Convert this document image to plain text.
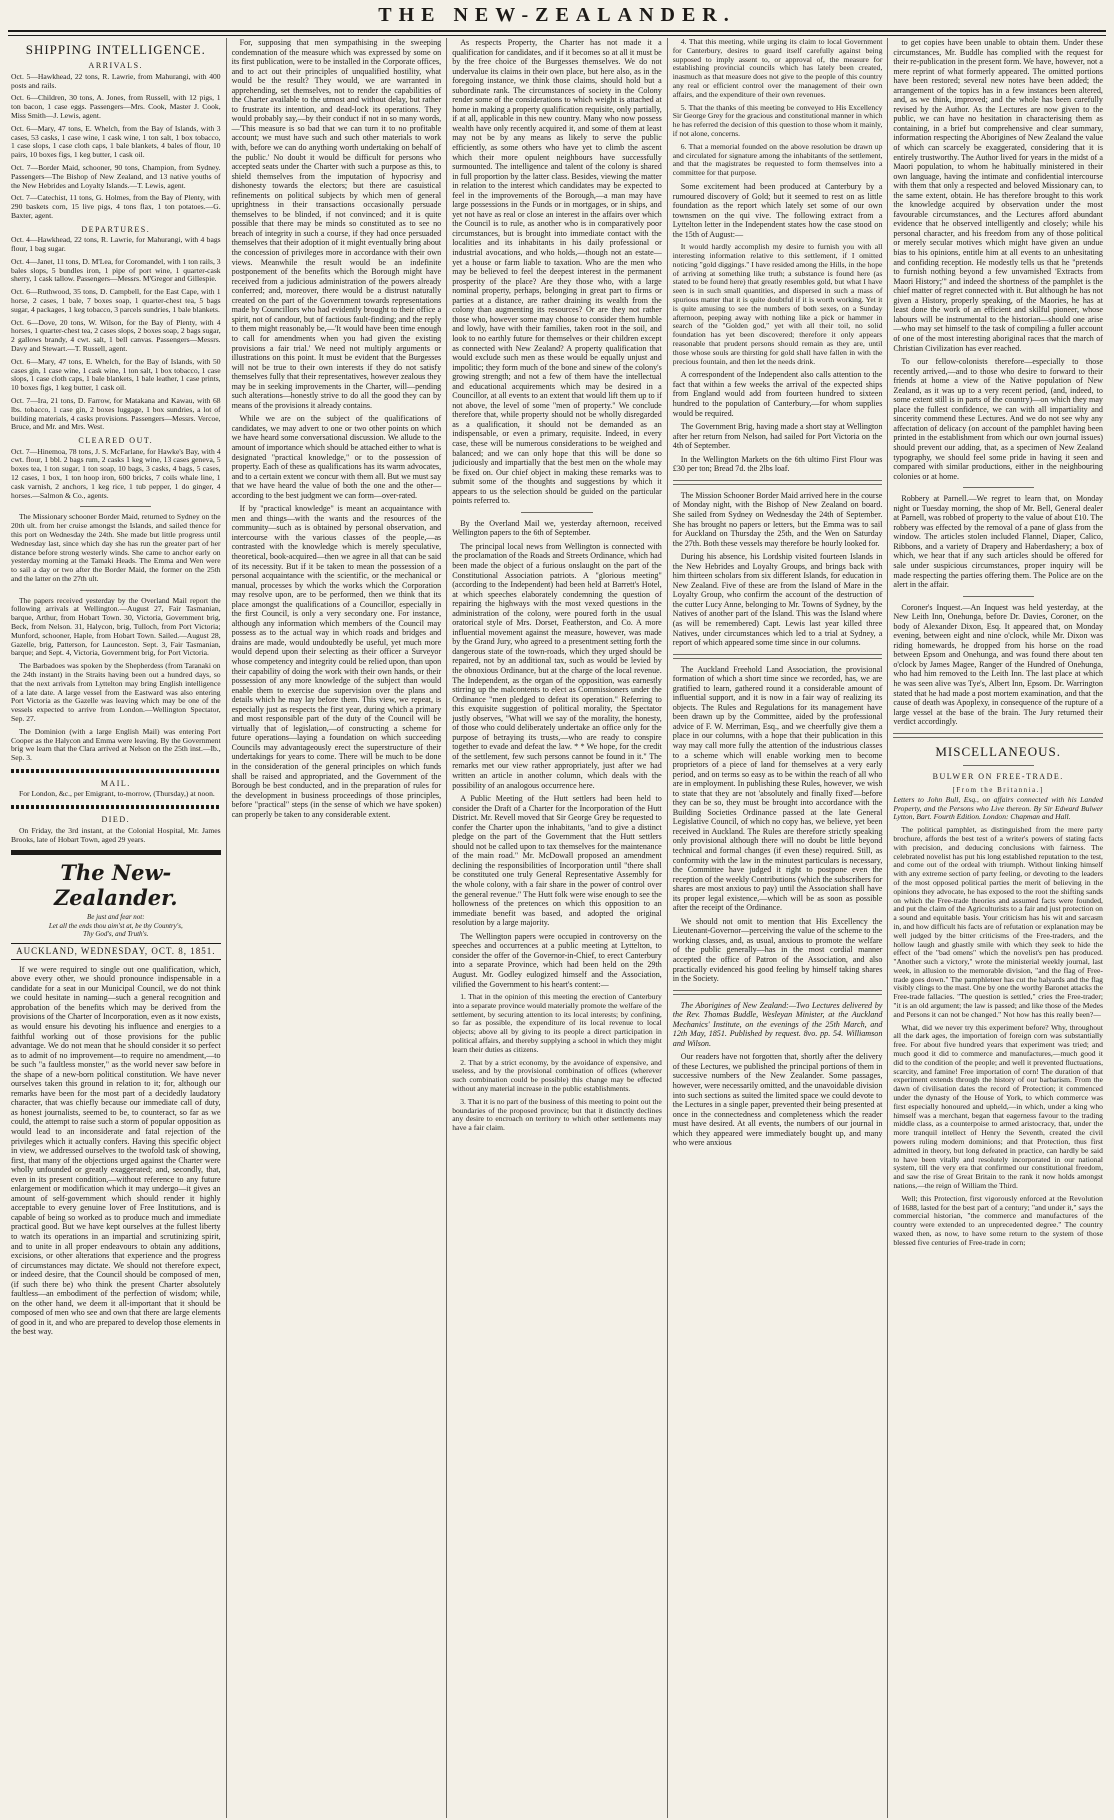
THE NEW-ZEALANDER.
SHIPPING INTELLIGENCE.
ARRIVALS.

Oct. 5—Hawkhead, 22 tons, R. Lawrie, from Mahurangi, with 400 posts and rails.

Oct. 6—Children, 30 tons, A. Jones, from Russell, with 12 pigs, 1 ton bacon, 1 case eggs. Passengers—Mrs. Cook, Master J. Cook, Miss Smith—J. Lewis, agent.

Oct. 6—Mary, 47 tons, E. Whelch, from the Bay of Islands, with 3 cases, 53 casks, 1 case wine, 1 cask wine, 1 ton salt, 1 box tobacco, 1 case slops, 1 case cloth caps, 1 bale blankets, 4 bales of flour, 10 pairs, 10 boxes figs, 1 keg butter, 1 cask oil.

Oct. 7—Border Maid, schooner, 90 tons, Champion, from Sydney. Passengers—The Bishop of New Zealand, and 13 native youths of the New Hebrides and Loyalty Islands.—T. Lewis, agent.

Oct. 7—Catechist, 11 tons, G. Holmes, from the Bay of Plenty, with 290 baskets corn, 15 live pigs, 4 tons flax, 1 ton potatoes.—G. Baxter, agent.

DEPARTURES.

Oct. 4—Hawkhead, 22 tons, R. Lawrie, for Mahurangi, with 4 bags flour, 1 bag sugar.

Oct. 4—Janet, 11 tons, D. M'Lea, for Coromandel, with 1 ton rails, 3 bales slops, 5 bundles iron, 1 pipe of port wine, 1 quarter-cask sherry, 1 cask tallow. Passengers—Messrs. M'Gregor and Gillespie.

Oct. 6—Ruthwood, 35 tons, D. Campbell, for the East Cape, with 1 horse, 2 cases, 1 bale, 7 boxes soap, 1 quarter-chest tea, 5 bags sugar, 4 packages, 1 keg tobacco, 3 parcels sundries, 1 bale blankets.

Oct. 6—Dove, 20 tons, W. Wilson, for the Bay of Plenty, with 4 horses, 1 quarter-chest tea, 2 cases slops, 2 boxes soap, 2 bags sugar, 2 gallows brandy, 4 cwt. salt, 1 bell canvas. Passengers—Messrs. Davy and Stewart.—T. Russell, agent.

Oct. 6—Mary, 47 tons, E. Whelch, for the Bay of Islands, with 50 cases gin, 1 case wine, 1 cask wine, 1 ton salt, 1 box tobacco, 1 case slops, 1 case cloth caps, 1 bale blankets, 1 bale leather, 1 case prints, 10 boxes figs, 1 keg butter, 1 cask oil.

Oct. 7—Ira, 21 tons, D. Farrow, for Matakana and Kawau, with 68 lbs. tobacco, 1 case gin, 2 boxes luggage, 1 box sundries, a lot of building materials, 4 casks provisions. Passengers—Messrs. Vercoe, Bruce, and Mr. and Mrs. West.

CLEARED OUT.

Oct. 7—Hinemoa, 78 tons, J. S. McFarlane, for Hawke's Bay, with 4 cwt. flour, 1 bbl. 2 bags rum, 2 casks 1 keg wine, 13 cases geneva, 5 boxes tea, 1 ton sugar, 1 ton soap, 10 bags, 3 casks, 4 bags, 5 cases, 12 cases, 1 box, 1 ton hoop iron, 600 bricks, 7 coils whale line, 1 cask varnish, 2 anchors, 1 keg rice, 1 tub pepper, 1 do ginger, 4 horses.—Salmon & Co., agents.

The Missionary schooner Border Maid, returned to Sydney on the 20th ult. from her cruise amongst the Islands, and sailed thence for this port on Wednesday the 24th. She made but little progress until Wednesday last, since which day she has run the greater part of her distance before strong westerly winds. She came to anchor early on yesterday morning at the Tamaki Heads. The Emma and Wen were to sail a day or two after the Border Maid, the former on the 25th and the latter on the 27th ult.

The papers received yesterday by the Overland Mail report the following arrivals at Wellington.—August 27, Fair Tasmanian, barque, Arthur, from Hobart Town. 30, Victoria, Government brig, Beck, from Nelson. 31, Halycon, brig, Tulloch, from Port Victoria; Munford, schooner, Haple, from Hobart Town. Sailed.—August 28, Gazelle, brig, Patterson, for Launceston. Sept. 3, Fair Tasmanian, barque; and Sept. 4, Victoria, Government brig, for Port Victoria.

The Barbadoes was spoken by the Shepherdess (from Taranaki on the 24th instant) in the Straits having been out a hundred days, so that the next arrivals from Lyttelton may bring English intelligence of a late date. A large vessel from the Eastward was also entering Port Victoria as the Gazelle was leaving which may be one of the vessels expected to arrive from London.—Wellington Spectator, Sep. 27.

The Dominion (with a large English Mail) was entering Port Cooper as the Halycon and Emma were leaving. By the Government brig we learn that the Clara arrived at Nelson on the 25th inst.—Ib., Sep. 3.

MAIL.

For London, &c., per Emigrant, to-morrow, (Thursday,) at noon.

DIED.

On Friday, the 3rd instant, at the Colonial Hospital, Mr. James Brooks, late of Hobart Town, aged 29 years.

The New-Zealander.
Be just and fear not:
Let all the ends thou aim'st at, be thy Country's,
Thy God's, and Truth's.
AUCKLAND, WEDNESDAY, OCT. 8, 1851.

If we were required to single out one qualification, which, above every other, we should pronounce indispensable in a candidate for a seat in our Municipal Council, we do not think we could hesitate in naming—such a general recognition and approbation of the benefits which may be derived from the provisions of the Charter of Incorporation, even as it now exists, as would ensure his devoting his influence and energies to a faithful working out of those provisions for the public advantage. We do not mean that he should consider it so perfect as to admit of no improvement—to require no amendment,—to be such "a faultless monster," as the world never saw before in the shape of a new-born political constitution. We have never ourselves taken this ground in relation to it; for, although our remarks have been for the most part of a decidedly laudatory character, that was chiefly because our immediate call of duty, as honest journalists, seemed to be, to counteract, so far as we could, the attempt to raise such a storm of popular opposition as would lead to an inconsiderate and fatal rejection of the privileges which it actually confers. Having this specific object in view, we addressed ourselves to the twofold task of showing, first, that many of the objections urged against the Charter were wholly unfounded or greatly exaggerated; and, secondly, that, even in its present condition,—without reference to any future enlargement or modification which it may undergo—it gives an amount of self-government which should render it highly acceptable to every genuine lover of Free Institutions, and is capable of being so worked as to produce much and immediate practical good. But we have kept ourselves at the fullest liberty to watch its operations in an impartial and scrutinizing spirit, and to unite in all proper endeavours to obtain any additions, excisions, or other alterations that experience and the progress of circumstances may dictate. We should not therefore expect, or indeed desire, that the Council should be composed of men, (if such there be) who think the present Charter absolutely faultless—an embodiment of the perfection of wisdom; while, on the other hand, we deem it all-important that it should be composed of men who see and own that there are large elements of good in it, and who are prepared to develop those elements in the best way.

For, supposing that men sympathising in the sweeping condemnation of the measure which was expressed by some on its first publication, were to be installed in the Corporate offices, and to act out their principles of unqualified hostility, what would be the result? They would, we are warranted in apprehending, set themselves, not to render the capabilities of the Charter available to the utmost and without delay, but rather to frustrate its intention, and dead-lock its operations. They would probably say,—by their conduct if not in so many words,—'This measure is so bad that we can turn it to no profitable account; we must have such and such other materials to work with, before we can do anything worth undertaking on behalf of the public.' No doubt it would be difficult for persons who accepted seats under the Charter with such a purpose as this, to shield themselves from the imputation of hypocrisy and dishonesty towards the electors; but there are casuistical refinements on political subjects by which men of general uprightness in their transactions occasionally persuade themselves to be blinded, if not convinced; and it is quite possible that there may be minds so constituted as to see no breach of integrity in such a course, if they had once persuaded themselves that their adoption of it might eventually bring about the concession of privileges more in accordance with their own views. Meanwhile the result would be an indefinite postponement of the benefits which the Borough might have received from a judicious administration of the powers already conferred; and, moreover, there would be a distrust naturally created on the part of the Government towards representations made by Councillors who had evidently brought to their office a spirit, not of candour, but of factious fault-finding; and the reply to them might reasonably be,—'It would have been time enough to call for amendments when you had given the existing provisions a fair trial.' We need not multiply arguments or illustrations on this point. It must be evident that the Burgesses will not be true to their own interests if they do not satisfy themselves fully that their representatives, however zealous they may be in seeking improvements in the Charter, will—pending such alterations—honestly strive to do all the good they can by means of the provisions it already contains.

While we are on the subject of the qualifications of candidates, we may advert to one or two other points on which we have heard some conversational discussion. We allude to the amount of importance which should be attached either to what is designated "practical knowledge," or to the possession of property. Each of these as qualifications has its warm advocates, and to a certain extent we concur with them all. But we must say that we have heard the value of both the one and the other—according to the best judgment we can form—over-rated.

If by "practical knowledge" is meant an acquaintance with men and things—with the wants and the resources of the community—such as is obtained by personal observation, and intercourse with the various classes of the people,—as contrasted with the knowledge which is merely speculative, theoretical, book-acquired—then we agree in all that can be said of its necessity. But if it be taken to mean the possession of a personal acquaintance with the scientific, or the mechanical or manual, processes by which the works which the Corporation may resolve upon, are to be performed, then we think that its place amongst the qualifications of a Councillor, especially in the first Council, is only a very secondary one. For instance, although any information which members of the Council may possess as to the actual way in which roads and bridges and drains are made, would undoubtedly be useful, yet much more would depend upon their selecting as their officer a Surveyor whose competency and integrity could be relied upon, than upon their capability of doing the work with their own hands, or their possession of any more knowledge of the subject than would enable them to exercise due supervision over the plans and details which he may lay before them. This view, we repeat, is especially just as respects the first year, during which a primary and most responsible part of the duty of the Council will be virtually that of legislation,—of constructing a scheme for future operations—laying a foundation on which succeeding Councils may advantageously erect the superstructure of their undertakings for years to come. There will be much to be done in the consideration of the general principles on which funds shall be raised and appropriated, and the Government of the Borough be best conducted, and in the preparation of rules for the development in business proceedings of those principles, before "practical" steps (in the sense of which we have spoken) can properly be taken to any considerable extent.

As respects Property, the Charter has not made it a qualification for candidates, and if it becomes so at all it must be by the free choice of the Burgesses themselves. We do not undervalue its claims in their own place, but here also, as in the foregoing instance, we think those claims, should hold but a subordinate rank. The circumstances of society in the Colony render some of the considerations to which weight is attached at home in making a property qualification requisite, only partially, if at all, applicable in this new country. Many who now possess wealth have only recently acquired it, and some of them at least may not be by any means as likely to serve the public efficiently, as some others who have yet to climb the ascent which their more opulent neighbours have successfully surmounted. The intelligence and talent of the colony is shared in full proportion by the latter class. Besides, viewing the matter in relation to the interest which candidates may be expected to feel in the improvements of the Borough,—a man may have large possessions in the Funds or in mortgages, or in ships, and yet not have as real or close an interest in the affairs over which the Council is to rule, as another who is in comparatively poor circumstances, but is brought into immediate contact with the localities and its inhabitants in his daily professional or industrial avocations, and who holds,—though not an estate—yet a house or farm liable to taxation. Who are the men who may be believed to feel the deepest interest in the permanent prosperity of the place? Are they those who, with a large nominal property, perhaps, belonging in great part to firms or parties at a distance, are rather draining its wealth from the colony than augmenting its resources? Or are they not rather those who, however some may choose to consider them humble and lowly, have with their families, taken root in the soil, and look to no earthly future for themselves or their children except as connected with New Zealand? A property qualification that would exclude such men as these would be equally unjust and impolitic; they form much of the bone and sinew of the colony's growing strength; and not a few of them have the intellectual and educational acquirements which may be desired in a Councillor, at all events to an extent that would lift them up to if not above, the level of some "men of property." We conclude therefore that, while property should not be wholly disregarded as a qualification, it should not be demanded as an indispensable, or even a primary, requisite. Indeed, in every case, these will be numerous considerations to be weighed and balanced; and we can only hope that this will be done so judiciously and impartially that the best men on the whole may be fixed on. Our chief object in making these remarks was to submit some of the thoughts and suggestions by which it appears to us the selection should be guided on the particular points referred to.

By the Overland Mail we, yesterday afternoon, received Wellington papers to the 6th of September.

The principal local news from Wellington is connected with the proclamation of the Roads and Streets Ordinance, which had been made the object of a furious onslaught on the part of the Constitutional Association patriots. A "glorious meeting" (according to the Independent) had been held at Barrett's Hotel, at which speeches elaborately condemning the question of repairing the highways with the most vexed questions in the administration of the colony, were poured forth in the usual oratorical style of Mrs. Dorset, Featherston, and Co. A more influential movement against the measure, however, was made by the Grand Jury, who agreed to a presentment setting forth the dangerous state of the town-roads, which they urged should be repaired, not by an additional tax, such as would be levied by the obnoxious Ordinance, but at the charge of the local revenue. The Independent, as the organ of the opposition, was earnestly stirring up the malcontents to elect as Commissioners under the Ordinance "men pledged to defeat its operation." Referring to this exquisite suggestion of political morality, the Spectator justly observes, "What will we say of the morality, the honesty, of those who could deliberately undertake an office only for the purpose of betraying its trusts,—who are ready to conspire together to evade and defeat the law. * * We hope, for the credit of the settlement, few such persons cannot be found in it." The remarks met our view rather appropriately, just after we had written an article in another column, which deals with the possibility of an analogous occurrence here.

A Public Meeting of the Hutt settlers had been held to consider the Draft of a Charter for the Incorporation of the Hutt District. Mr. Revell moved that Sir George Grey be requested to confer the Charter upon the inhabitants, "and to give a distinct pledge on the part of the Government that the Hutt settlers should not be called upon to tax themselves for the maintenance of the main road." Mr. McDowall proposed an amendment declining the responsibilities of Incorporation until "there shall be constituted one truly General Representative Assembly for the whole colony, with a fair share in the power of control over the general revenue." The Hutt folk were wise enough to see the hollowness of the pretences on which this opposition to an immediate benefit was based, and adopted the original resolution by a large majority.

The Wellington papers were occupied in controversy on the speeches and occurrences at a public meeting at Lyttelton, to consider the offer of the Governor-in-Chief, to erect Canterbury into a separate Province, which had been held on the 29th August. Mr. Godley eulogized himself and the Association, vilified the Government to his heart's content:—

1. That in the opinion of this meeting the erection of Canterbury into a separate province would materially promote the welfare of the settlement, by securing attention to its local interests; by confining, so far as possible, the expenditure of its local revenue to local objects; above all by giving to its people a direct participation in political affairs, and thereby supplying a school in which they might learn their duties as citizens.

2. That by a strict economy, by the avoidance of expensive, and useless, and by the provisional combination of offices (wherever such combination could be possible) this change may be effected without any material increase in the public establishments.

3. That it is no part of the business of this meeting to point out the boundaries of the proposed province; but that it distinctly declines any desire to encroach on territory to which other settlements may have a fair claim.

4. That this meeting, while urging its claim to local Government for Canterbury, desires to guard itself carefully against being supposed to imply assent to, or approval of, the measure for establishing provincial councils which has lately been created, inasmuch as that measure does not give to the people of this country any real or efficient control over the management of their own affairs, and the expenditure of their own revenues.

5. That the thanks of this meeting be conveyed to His Excellency Sir George Grey for the gracious and constitutional manner in which he has referred the decision of this question to those whom it mainly, if not alone, concerns.

6. That a memorial founded on the above resolution be drawn up and circulated for signature among the inhabitants of the settlement, and that the magistrates be requested to form themselves into a committee for that purpose.

Some excitement had been produced at Canterbury by a rumoured discovery of Gold; but it seemed to rest on as little foundation as the report which lately set some of our own townsmen on the qui vive. The following extract from a Lyttelton letter in the Independent states how the case stood on the 15th of August:—

It would hardly accomplish my desire to furnish you with all interesting information relative to this settlement, if I omitted noticing "gold diggings." I have resided among the Hills, in the hope of arriving at something like truth; a substance is found here (as stated to be found here) that greatly resembles gold, but what I have seen is in such small quantities, and dispersed in such a mass of spurious matter that it is quite doubtful if it is worth working. Yet it is quite amusing to see the numbers of both sexes, on a Sunday afternoon, peeping away with nothing like a pick or hammer in search of the "Golden god," yet with all their toil, no solid foundation has yet been discovered; therefore it only appears reasonable that prudent persons should remain as they are, until those whose souls are thirsting for gold shall have fallen in with the precious fountain, and then let the needs drink.

A correspondent of the Independent also calls attention to the fact that within a few weeks the arrival of the expected ships from England would add from fourteen hundred to sixteen hundred to the population of Canterbury,—for whom supplies would be required.

The Government Brig, having made a short stay at Wellington after her return from Nelson, had sailed for Port Victoria on the 4th of September.

In the Wellington Markets on the 6th ultimo First Flour was £30 per ton; Bread 7d. the 2lbs loaf.

The Mission Schooner Border Maid arrived here in the course of Monday night, with the Bishop of New Zealand on board. She sailed from Sydney on Wednesday the 24th of September. She has brought no papers or letters, but the Emma was to sail for Auckland on Thursday the 25th, and the Wen on Saturday the 27th. Both these vessels may therefore be hourly looked for.

During his absence, his Lordship visited fourteen Islands in the New Hebrides and Loyalty Groups, and brings back with him thirteen scholars from six different Islands, for education in New Zealand. Five of these are from the Island of Mare in the Loyalty Group, who confirm the account of the destruction of the cutter Lucy Anne, belonging to Mr. Towns of Sydney, by the Natives of another part of the Island. This was the Island where (as will be remembered) Capt. Lewis last year killed three Natives, under circumstances which led to a trial at Sydney, a report of which appeared some time since in our columns.

The Auckland Freehold Land Association, the provisional formation of which a short time since we recorded, has, we are gratified to learn, gathered round it a considerable amount of influential support, and it is now in a fair way of realizing its objects. The Rules and Regulations for its management have been drawn up by the Committee, aided by the professional advice of F. W. Merriman, Esq., and we cheerfully give them a place in our columns, with a hope that their publication in this way may call more fully the attention of the industrious classes to a scheme which will enable working men to become proprietors of a piece of land for themselves at a very early period, and on terms so easy as to be within the reach of all who are in employment. In publishing these Rules, however, we wish to state that they are not 'absolutely and finally fixed'—before they can be so, they must be brought into accordance with the Building Societies Ordinance passed at the late General Legislative Council, of which no copy has, we believe, yet been received in Auckland. The Rules are therefore strictly speaking only provisional although there will no doubt be little beyond technical and formal changes (if even these) required. Still, as conformity with the law in the minutest particulars is necessary, the Committee have judged it right to postpone even the reception of the weekly Contributions (which the subscribers for shares are most anxious to pay) until the Association shall have its proper legal existence,—which will be as soon as possible after the receipt of the Ordinance.

We should not omit to mention that His Excellency the Lieutenant-Governor—perceiving the value of the scheme to the working classes, and, as usual, anxious to promote the welfare of the public generally—has in the most cordial manner accepted the office of Patron of the Association, and also practically evidenced his good feeling by himself taking shares in the Society.

The Aborigines of New Zealand:—Two Lectures delivered by the Rev. Thomas Buddle, Wesleyan Minister, at the Auckland Mechanics' Institute, on the evenings of the 25th March, and 12th May, 1851. Published by request. 8vo. pp. 54. Williamson and Wilson.

Our readers have not forgotten that, shortly after the delivery of these Lectures, we published the principal portions of them in successive numbers of the New Zealander. Some passages, however, were necessarily omitted, and the unavoidable division into such sections as suited the limited space we could devote to the Lectures in a single paper, prevented their being presented at once in the connectedness and completeness which the reader must have desired. At all events, the numbers of our journal in which they appeared were immediately bought up, and many who were anxious

to get copies have been unable to obtain them. Under these circumstances, Mr. Buddle has complied with the request for their re-publication in the present form. We have, however, not a mere reprint of what formerly appeared. The omitted portions have been restored; several new notes have been added; the arrangement of the topics has in a few instances been altered, and, as we think, improved; and the whole has been carefully revised by the Author. As the Lectures are now given to the public, we can have no hesitation in characterising them as containing, in a brief but comprehensive and clear summary, information respecting the Aborigines of New Zealand the value of which can scarcely be exaggerated, considering that it is entirely trustworthy. The Author lived for years in the midst of a Maori population, to whom he habitually ministered in their own language, having the intimate and confidential intercourse with them that only a respected and beloved Missionary can, to the same extent, obtain. He has therefore brought to this work the knowledge acquired by observation under the most favourable circumstances, and the Lectures afford abundant evidence that he observed intelligently and closely; while his personal character, and his freedom from any of those political or merely secular motives which might have given an undue bias to his opinions, entitle him at all events to an unhesitating and confiding reception. He modestly tells us that he "pretends to furnish nothing beyond a few unvarnished 'Extracts from Maori History;'" and indeed the shortness of the pamphlet is the chief matter of regret connected with it. But although he has not given a History, properly speaking, of the Maories, he has at least done the work of an efficient and skilful pioneer, whose labours will be instrumental to the historian—should one arise—who may set himself to the task of compiling a fuller account of one of the most interesting aboriginal races that the march of Christian Civilization has ever reached.

To our fellow-colonists therefore—especially to those recently arrived,—and to those who desire to forward to their friends at home a view of the Native population of New Zealand, as it was up to a very recent period, (and, indeed, to some extent still is in parts of the country)—on which they may place the fullest confidence, we can with all impartiality and sincerity commend these Lectures. And we do not see why any affectation of delicacy (on account of the pamphlet having been printed in the establishment from which our own journal issues) should prevent our adding, that, as a specimen of New Zealand typography, we should feel some pride in having it seen and compared with similar productions, either in the neighbouring colonies or at home.

Robbery at Parnell.—We regret to learn that, on Monday night or Tuesday morning, the shop of Mr. Bell, General dealer at Parnell, was robbed of property to the value of about £10. The robbery was effected by the removal of a pane of glass from the window. The articles stolen included Flannel, Diaper, Calico, Ribbons, and a variety of Drapery and Haberdashery; a box of which, we hear that if any such articles should be offered for sale under suspicious circumstances, proper inquiry will be made respecting the parties offering them. The Police are on the alert in the affair.

Coroner's Inquest.—An Inquest was held yesterday, at the New Leith Inn, Onehunga, before Dr. Davies, Coroner, on the body of Alexander Dixon, Esq. It appeared that, on Monday evening, between eight and nine o'clock, while Mr. Dixon was riding homewards, he dropped from his horse on the road between Epsom and Onehunga, and was found there about ten o'clock by James Magee, Ranger of the Hundred of Onehunga, who had him removed to the Leith Inn. The last place at which he was seen alive was Tye's, Albert Inn, Epsom. Dr. Warrington stated that he had made a post mortem examination, and that the cause of death was Apoplexy, in consequence of the rupture of a large vessel at the base of the brain. The Jury returned their verdict accordingly.

MISCELLANEOUS.
BULWER ON FREE-TRADE.
[From the Britannia.]

Letters to John Bull, Esq., on affairs connected with his Landed Property, and the Persons who Live thereon. By Sir Edward Bulwer Lytton, Bart. Fourth Edition. London: Chapman and Hall.

The political pamphlet, as distinguished from the mere party brochure, affords the best test of a writer's powers of stating facts with precision, and deducing conclusions with fairness. The celebrated novelist has put his long established reputation to the test, and come out of the ordeal with triumph. Without linking himself with any extreme section of party feeling, or devoting to the leaders of the most opposed political parties the merit of believing in the opinions they advocate, he has exposed to the root the shifting sands on which the Free-trade theories and assumed facts were founded, and put the claim of the Agriculturists to a fair and just protection on a sound and equitable basis. Your criticism has his wit and sarcasm in, and how difficult his facts are of refutation or explanation may be well judged by the bitter criticisms of the Free-traders, and the hollow laugh and ghastly smile with which they seek to hide the effect of the "bad omens" which the novelist's pen has produced. "Another such a victory," wrote the ministerial weekly journal, last week, in allusion to the memorable division, "and the flag of Free-trade goes down." The pamphleteer has cut the halyards and the flag visibly clings to the mast. One by one the worthy Baronet attacks the Free-trade fallacies. "The question is settled," cries the Free-trader; "it is an old argument; the law is passed; and like those of the Medes and Persons it can not be changed." Not how has this really been?—

What, did we never try this experiment before? Why, throughout all the dark ages, the importation of foreign corn was substantially free. For about five hundred years that experiment was tried; and much good it did to commerce and manufactures,—much good it did to the condition of the people; and well it prevented fluctuations, scarcity, and famine! Free importation of corn! The duration of that experiment extends through the history of our barbarism. From the dawn of civilisation dates the record of Protection; it commenced under the dynasty of the House of York, to which commerce was first especially honoured and upheld,—in which, under a king who himself was a merchant, began that eagerness favour to the trading middle class, as a counterpoise to armed aristocracy, that, under the more tranquil intellect of Henry the Seventh, created the civil powers ruling modern dominions; and that Protection, thus first admitted in theory, but long defeated in practice, can hardly be said to have been vitally and resolutely incorporated in our national system, till the very era that confirmed our constitutional freedom, and saw the rise of Great Britain to the rank it now holds amongst nations,—the reign of William the Third.

Well; this Protection, first vigorously enforced at the Revolution of 1688, lasted for the best part of a century; "and under it," says the commercial historian, "the commerce and manufactures of the country were extended to an unprecedented degree." The country waxed then, as now, to have some return to the system of those blessed five centuries of Free-trade in corn;
